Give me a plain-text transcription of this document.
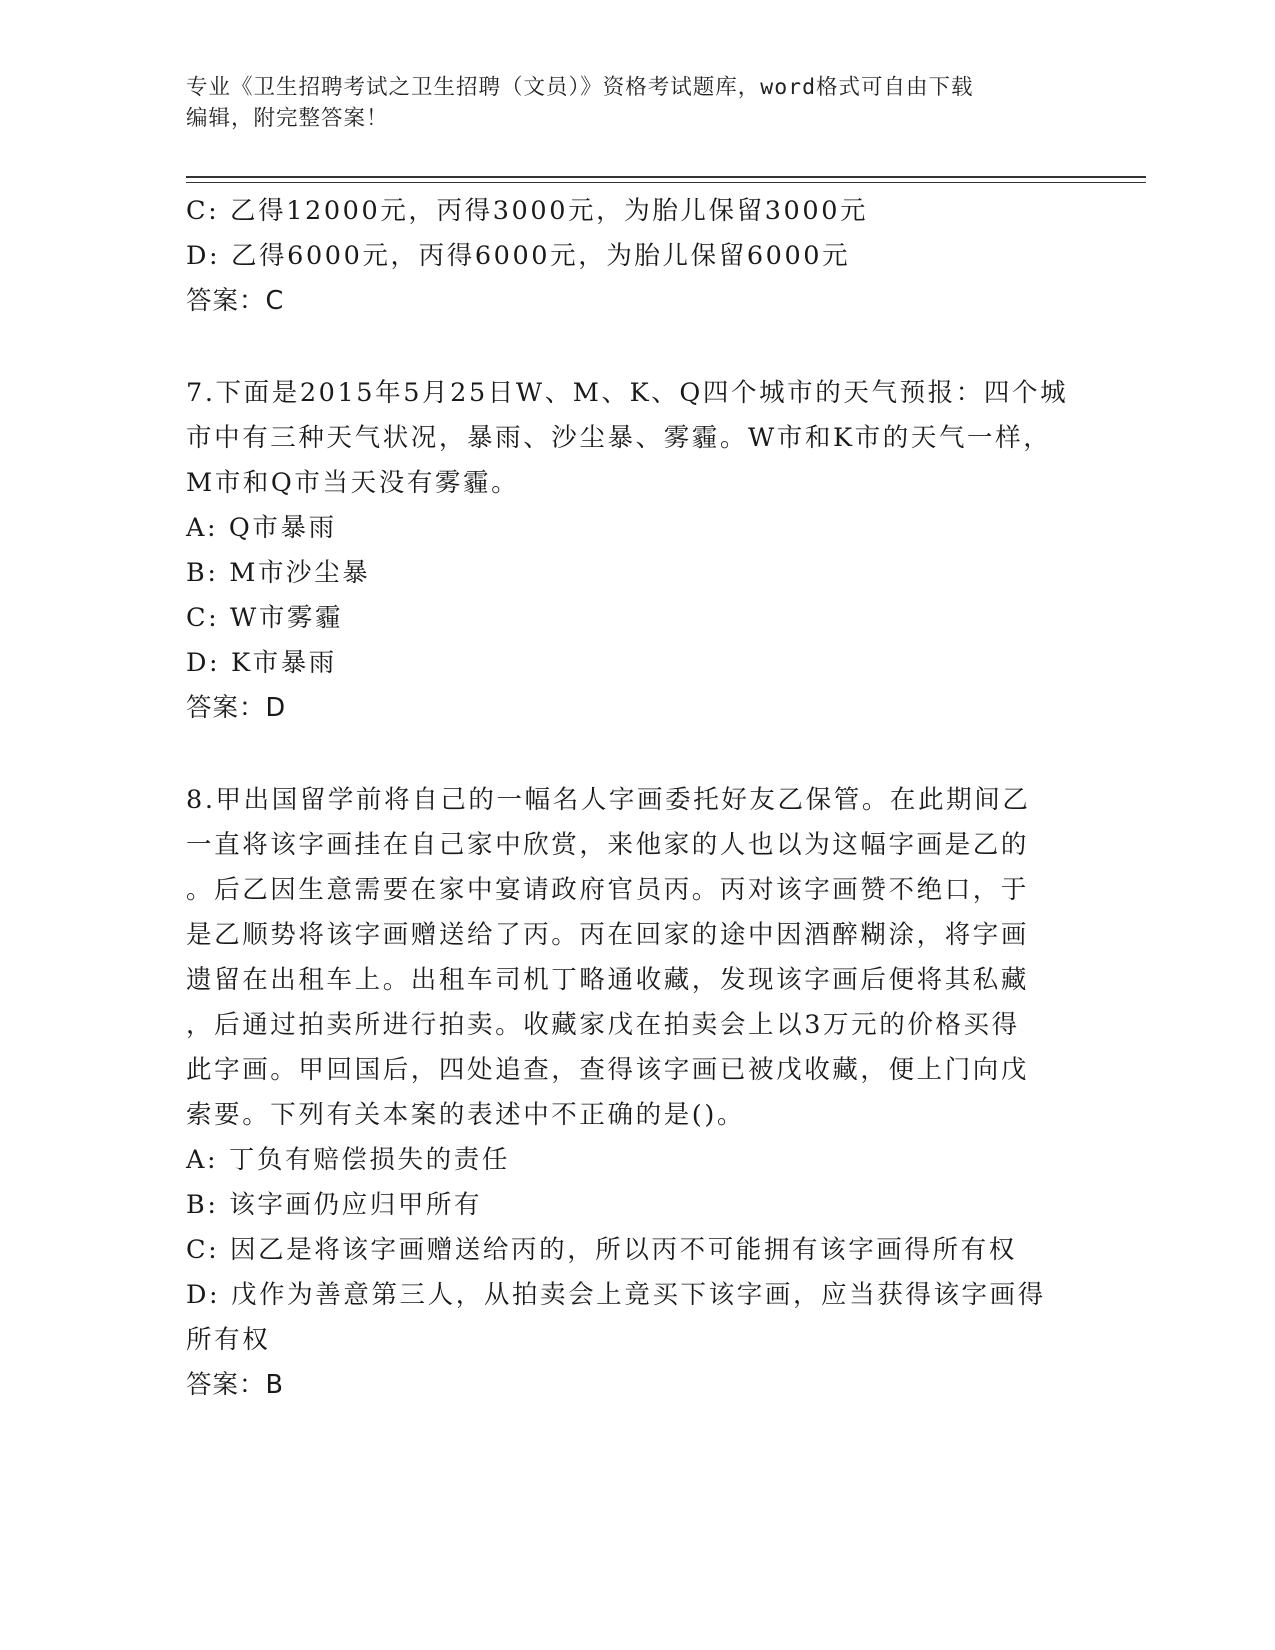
专业《卫生招聘考试之卫生招聘（文员）》资格考试题库，word格式可自由下载
编辑，附完整答案！
C: 乙得12000元，丙得3000元，为胎儿保留3000元
D: 乙得6000元，丙得6000元，为胎儿保留6000元
答案：C
7.下面是2015年5月25日W、M、K、Q四个城市的天气预报：四个城
市中有三种天气状况，暴雨、沙尘暴、雾霾。W市和K市的天气一样，
M市和Q市当天没有雾霾。
A: Q市暴雨
B: M市沙尘暴
C: W市雾霾
D: K市暴雨
答案：D
8.甲出国留学前将自己的一幅名人字画委托好友乙保管。在此期间乙
一直将该字画挂在自己家中欣赏，来他家的人也以为这幅字画是乙的
。后乙因生意需要在家中宴请政府官员丙。丙对该字画赞不绝口，于
是乙顺势将该字画赠送给了丙。丙在回家的途中因酒醉糊涂，将字画
遗留在出租车上。出租车司机丁略通收藏，发现该字画后便将其私藏
，后通过拍卖所进行拍卖。收藏家戊在拍卖会上以3万元的价格买得
此字画。甲回国后，四处追查，查得该字画已被戊收藏，便上门向戊
索要。下列有关本案的表述中不正确的是()。
A: 丁负有赔偿损失的责任
B: 该字画仍应归甲所有
C: 因乙是将该字画赠送给丙的，所以丙不可能拥有该字画得所有权
D: 戊作为善意第三人，从拍卖会上竟买下该字画，应当获得该字画得
所有权
答案：B
